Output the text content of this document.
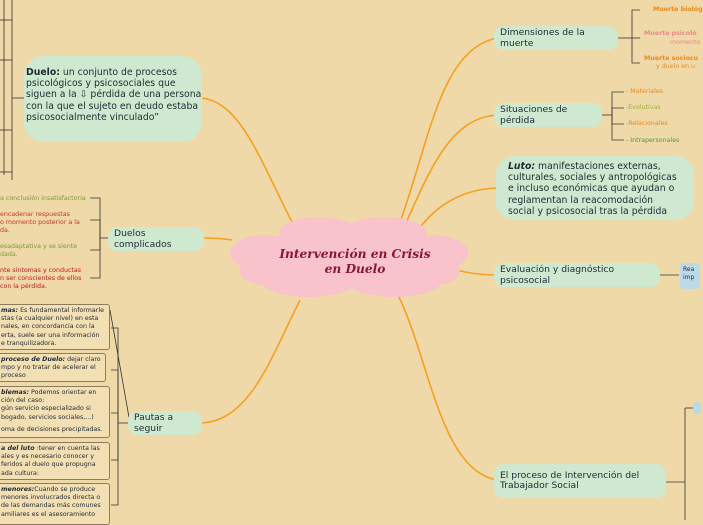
Intervención en Crisis
en Duelo
Dimensiones de la muerte
Muerte biológ
Muerte psicoló
momento
Muerte sociocu
y duelo en u
Situaciones de pérdida
- Materiales
-Evolutivas
-Relacionales
- Intrapersonales
Luto: manifestaciones externas, culturales, sociales y antropológicas e incluso económicas que ayudan o reglamentan la reacomodación social y psicosocial tras la pérdida
Evaluación y diagnóstico psicosocial
Rea
imp
El proceso de Intervención del Trabajador Social
Duelo: un conjunto de procesos psicológicos y psicosociales que siguen a la ⇩ pérdida de una persona con la que el sujeto en deudo estaba psicosocialmente vinculado”
Duelos complicados
a conclusión insatisfactoria
encadenar respuestas
o momento posterior a la
da.
esadaptativa y se siente
dada.
nte síntomas y conductas
n ser conscientes de ellos
con la pérdida.
Pautas a seguir
mas: Es fundamental informarle
stas (a cualquier nivel) en esta
nales, en concordancia con la
erta, suele ser una información
e tranquilizadora.
proceso de Duelo: dejar claro
mpo y no tratar de acelerar el
proceso
blemas: Podemos orientar en
ción del caso:
gún servicio especializado si
bogado, servicios sociales,...)
oma de decisiones precipitadas.
a del luto :tener en cuenta las
ales y es necesario conocer y
feridos al duelo que propugna
ada cultura:
menores:Cuando se produce
menores involucrados directa o
de las demandas más comunes
amiliares es el asesoramiento
